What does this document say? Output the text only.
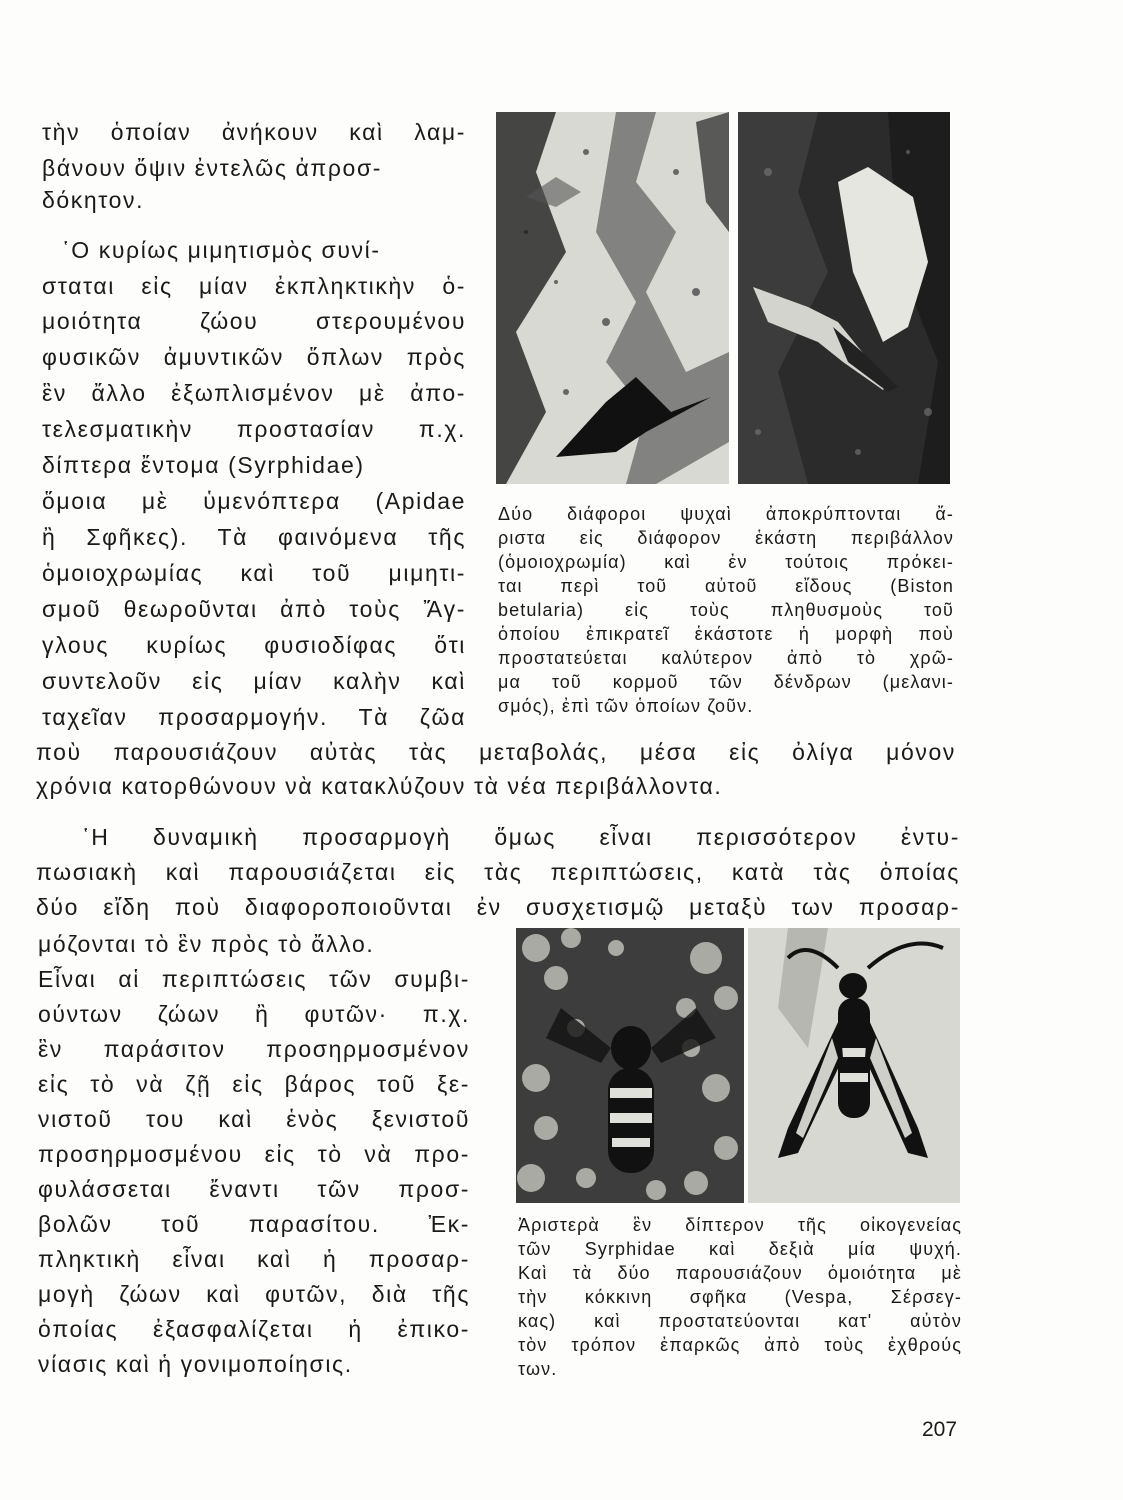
τὴν ὁποίαν ἀνήκουν καὶ λαμ-
βάνουν ὄψιν ἐντελῶς ἀπροσ-
δόκητον.
῾Ο κυρίως μιμητισμὸς συνί-
σταται εἰς μίαν ἐκπληκτικὴν ὁ-
μοιότητα ζώου στερουμένου
φυσικῶν ἀμυντικῶν ὅπλων πρὸς
ἓν ἄλλο ἐξωπλισμένον μὲ ἀπο-
τελεσματικὴν προστασίαν π.χ.
δίπτερα ἔντομα (Syrphidae)
ὅμοια μὲ ὑμενόπτερα (Apidae
ἢ Σφῆκες). Τὰ φαινόμενα τῆς
ὁμοιοχρωμίας καὶ τοῦ μιμητι-
σμοῦ θεωροῦνται ἀπὸ τοὺς Ἄγ-
γλους κυρίως φυσιοδίφας ὅτι
συντελοῦν εἰς μίαν καλὴν καὶ
ταχεῖαν προσαρμογήν. Τὰ ζῶα
Δύο διάφοροι ψυχαὶ ἀποκρύπτονται ἄ-
ριστα εἰς διάφορον ἑκάστη περιβάλλον
(ὁμοιοχρωμία) καὶ ἐν τούτοις πρόκει-
ται περὶ τοῦ αὐτοῦ εἴδους (Biston
betularia) εἰς τοὺς πληθυσμοὺς τοῦ
ὁποίου ἐπικρατεῖ ἑκάστοτε ἡ μορφὴ ποὺ
προστατεύεται καλύτερον ἀπὸ τὸ χρῶ-
μα τοῦ κορμοῦ τῶν δένδρων (μελανι-
σμός), ἐπὶ τῶν ὁποίων ζοῦν.
ποὺ παρουσιάζουν αὐτὰς τὰς μεταβολάς, μέσα εἰς ὀλίγα μόνον
χρόνια κατορθώνουν νὰ κατακλύζουν τὰ νέα περιβάλλοντα.
῾Η δυναμικὴ προσαρμογὴ ὅμως εἶναι περισσότερον ἐντυ-
πωσιακὴ καὶ παρουσιάζεται εἰς τὰς περιπτώσεις, κατὰ τὰς ὁποίας
δύο εἴδη ποὺ διαφοροποιοῦνται ἐν συσχετισμῷ μεταξὺ των προσαρ-
μόζονται τὸ ἓν πρὸς τὸ ἄλλο.
Εἶναι αἱ περιπτώσεις τῶν συμβι-
ούντων ζώων ἢ φυτῶν· π.χ.
ἓν παράσιτον προσηρμοσμένον
εἰς τὸ νὰ ζῇ εἰς βάρος τοῦ ξε-
νιστοῦ του καὶ ἑνὸς ξενιστοῦ
προσηρμοσμένου εἰς τὸ νὰ προ-
φυλάσσεται ἔναντι τῶν προσ-
βολῶν τοῦ παρασίτου. Ἐκ-
πληκτικὴ εἶναι καὶ ἡ προσαρ-
μογὴ ζώων καὶ φυτῶν, διὰ τῆς
ὁποίας ἐξασφαλίζεται ἡ ἐπικο-
νίασις καὶ ἡ γονιμοποίησις.
Ἀριστερὰ ἓν δίπτερον τῆς οἰκογενείας
τῶν Syrphidae καὶ δεξιὰ μία ψυχή.
Καὶ τὰ δύο παρουσιάζουν ὁμοιότητα μὲ
τὴν κόκκινη σφῆκα (Vespa, Σέρσεγ-
κας) καὶ προστατεύονται κατ' αὐτὸν
τὸν τρόπον ἐπαρκῶς ἀπὸ τοὺς ἐχθρούς
των.
207
